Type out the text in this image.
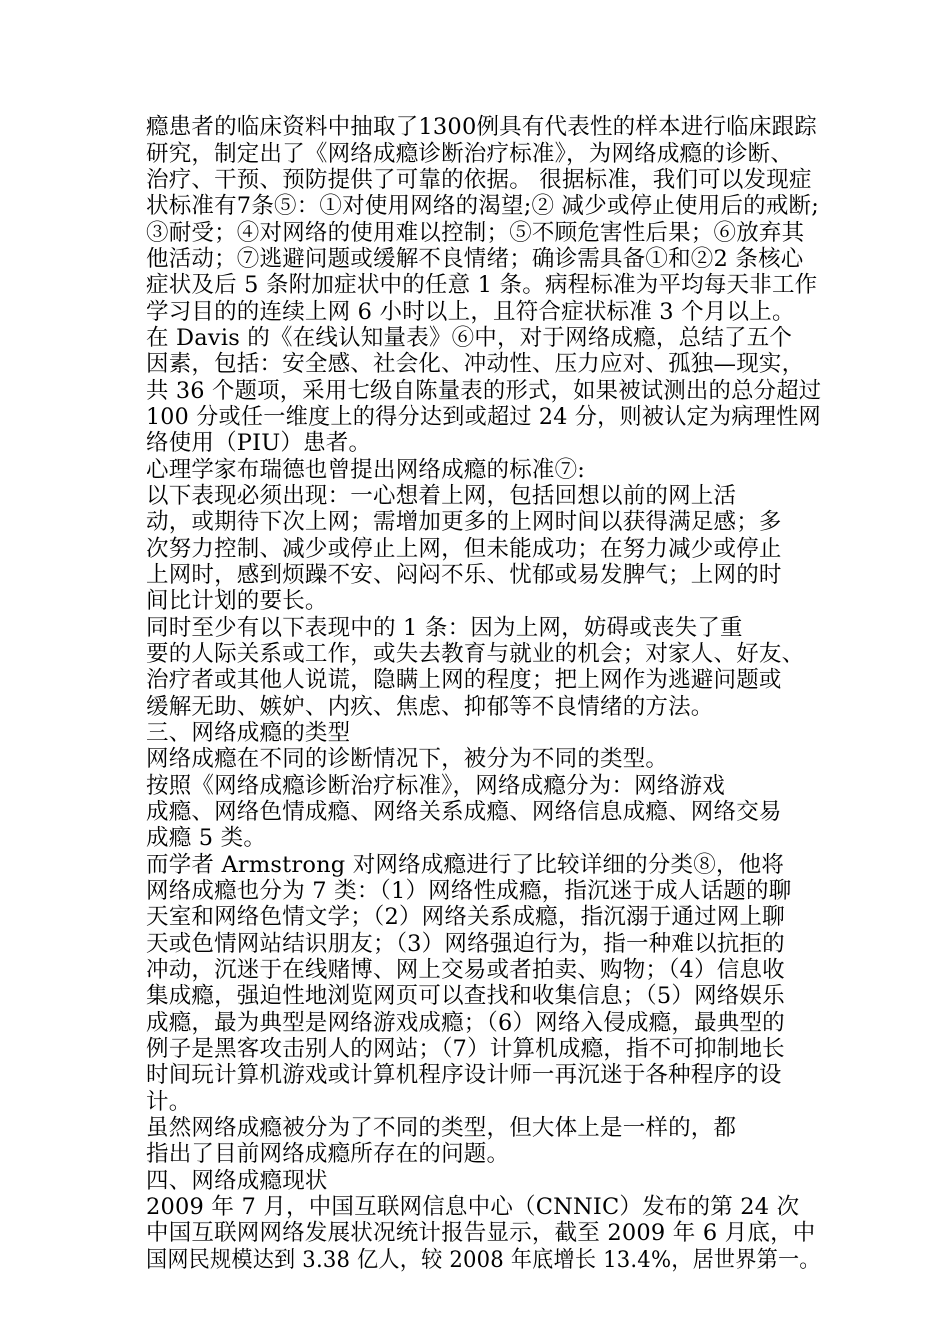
瘾患者的临床资料中抽取了1300例具有代表性的样本进行临床跟踪
研究，制定出了《网络成瘾诊断治疗标准》，为网络成瘾的诊断、
治疗、干预、预防提供了可靠的依据。 很据标准，我们可以发现症
状标准有7条⑤：①对使用网络的渴望;② 减少或停止使用后的戒断;
③耐受；④对网络的使用难以控制；⑤不顾危害性后果；⑥放弃其
他活动；⑦逃避问题或缓解不良情绪；确诊需具备①和②2 条核心
症状及后 5 条附加症状中的任意 1 条。病程标准为平均每天非工作
学习目的的连续上网 6 小时以上，且符合症状标准 3 个月以上。
在 Davis 的《在线认知量表》⑥中，对于网络成瘾，总结了五个
因素，包括：安全感、社会化、冲动性、压力应对、孤独—现实，
共 36 个题项，采用七级自陈量表的形式，如果被试测出的总分超过
100 分或任一维度上的得分达到或超过 24 分，则被认定为病理性网
络使用（PIU）患者。
心理学家布瑞德也曾提出网络成瘾的标准⑦:
以下表现必须出现：一心想着上网，包括回想以前的网上活
动，或期待下次上网；需增加更多的上网时间以获得满足感；多
次努力控制、减少或停止上网，但未能成功；在努力减少或停止
上网时，感到烦躁不安、闷闷不乐、忧郁或易发脾气；上网的时
间比计划的要长。
同时至少有以下表现中的 1 条：因为上网，妨碍或丧失了重
要的人际关系或工作，或失去教育与就业的机会；对家人、好友、
治疗者或其他人说谎，隐瞒上网的程度；把上网作为逃避问题或
缓解无助、嫉妒、内疚、焦虑、抑郁等不良情绪的方法。
三、网络成瘾的类型
网络成瘾在不同的诊断情况下，被分为不同的类型。
按照《网络成瘾诊断治疗标准》，网络成瘾分为：网络游戏
成瘾、网络色情成瘾、网络关系成瘾、网络信息成瘾、网络交易
成瘾 5 类。
而学者 Armstrong 对网络成瘾进行了比较详细的分类⑧，他将
网络成瘾也分为 7 类：（1）网络性成瘾，指沉迷于成人话题的聊
天室和网络色情文学；（2）网络关系成瘾，指沉溺于通过网上聊
天或色情网站结识朋友；（3）网络强迫行为，指一种难以抗拒的
冲动，沉迷于在线赌博、网上交易或者拍卖、购物；（4）信息收
集成瘾，强迫性地浏览网页可以查找和收集信息；（5）网络娱乐
成瘾，最为典型是网络游戏成瘾；（6）网络入侵成瘾，最典型的
例子是黑客攻击别人的网站；（7）计算机成瘾，指不可抑制地长
时间玩计算机游戏或计算机程序设计师一再沉迷于各种程序的设
计。
虽然网络成瘾被分为了不同的类型，但大体上是一样的，都
指出了目前网络成瘾所存在的问题。
四、网络成瘾现状
2009 年 7 月，中国互联网信息中心（CNNIC）发布的第 24 次
中国互联网网络发展状况统计报告显示，截至 2009 年 6 月底，中
国网民规模达到 3.38 亿人，较 2008 年底增长 13.4%，居世界第一。
